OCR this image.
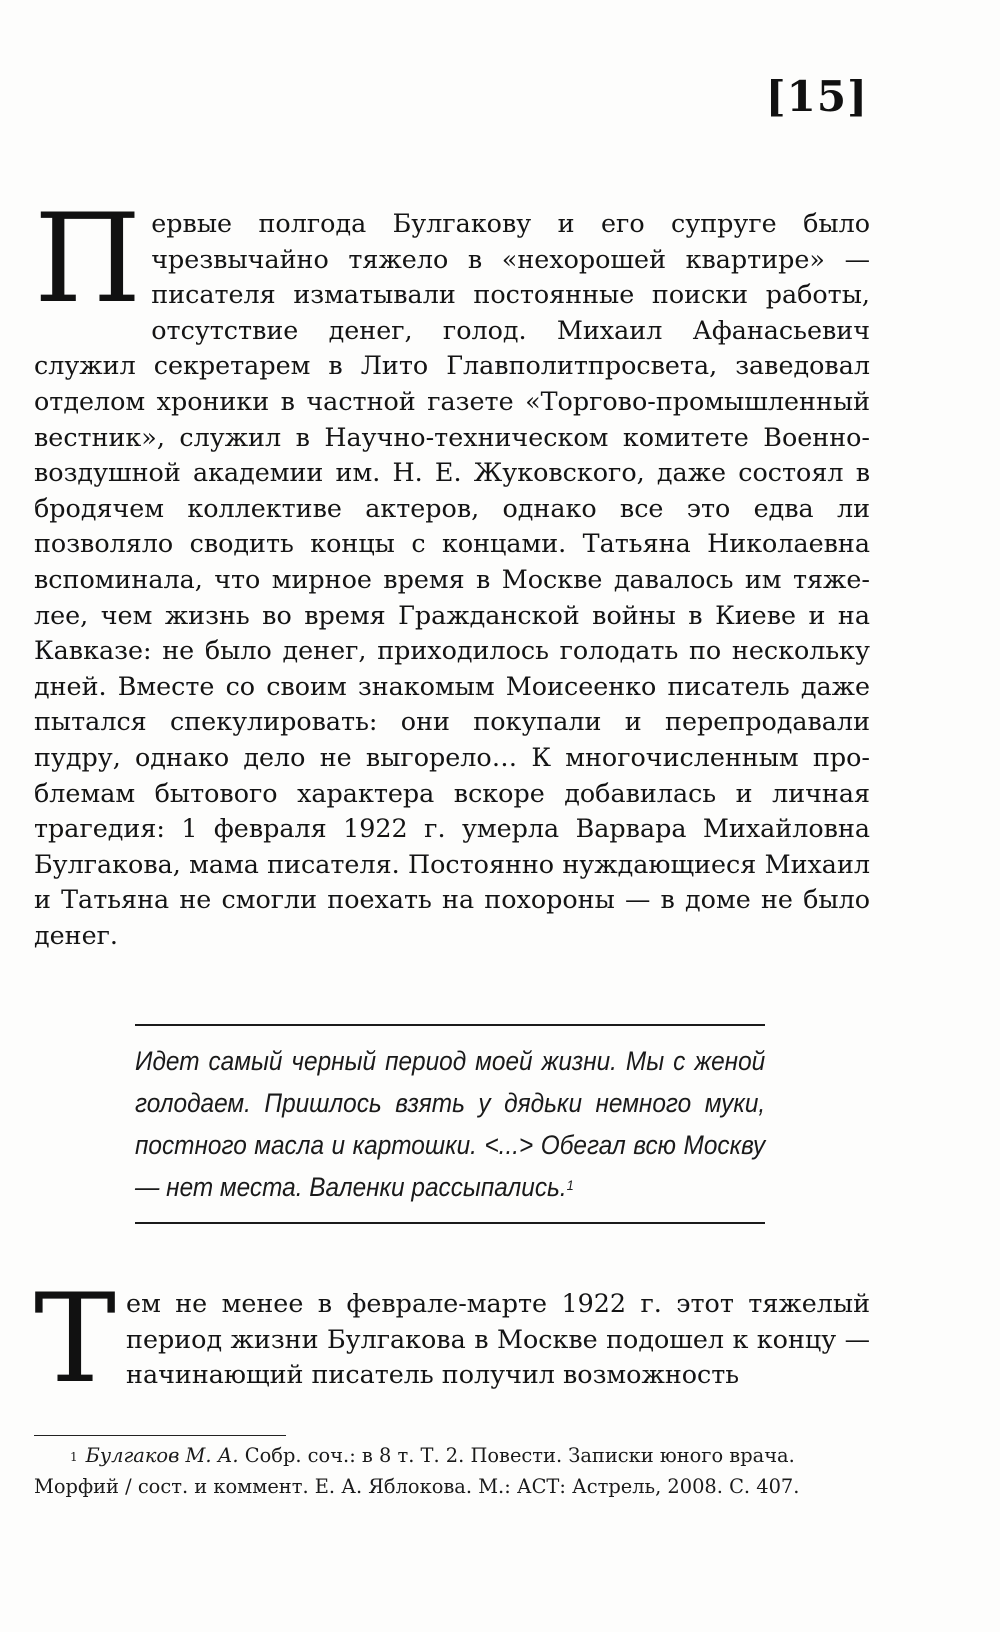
[15]
Первые полгода Булгакову и его супруге было чрезвычайно тяжело в «нехорошей квартире» — писателя изматывали постоянные поиски работы, отсутствие денег, голод. Михаил Афанасьевич служил секретарем в Лито Главполитпросвета, заведовал отделом хроники в частной газете «Торгово-промышленный вестник», служил в Научно-техническом комитете Военно-воздушной академии им. Н. Е. Жуковского, даже состоял в бродячем коллективе актеров, однако все это едва ли позволяло сводить концы с концами. Татьяна Николаевна вспоминала, что мирное время в Москве давалось им тяжелее, чем жизнь во время Гражданской войны в Киеве и на Кавказе: не было денег, приходилось голодать по нескольку дней. Вместе со своим знакомым Моисеенко писатель даже пытался спекулировать: они покупали и перепродавали пудру, однако дело не выгорело… К многочисленным проблемам бытового характера вскоре добавилась и личная трагедия: 1 февраля 1922 г. умерла Варвара Михайловна Булгакова, мама писателя. Постоянно нуждающиеся Михаил и Татьяна не смогли поехать на похороны — в доме не было денег.
Идет самый черный период моей жизни. Мы с женой голодаем. Пришлось взять у дядьки немного муки, постного масла и картошки. <...> Обегал всю Москву — нет места. Валенки рассыпались.$^1$
Тем не менее в феврале-марте 1922 г. этот тяжелый период жизни Булгакова в Москве подошел к концу — начинающий писатель получил возможность
$^1$ Булгаков М. А. Собр. соч.: в 8 т. Т. 2. Повести. Записки юного врача. Морфий / сост. и коммент. Е. А. Яблокова. М.: АСТ: Астрель, 2008. С. 407.
